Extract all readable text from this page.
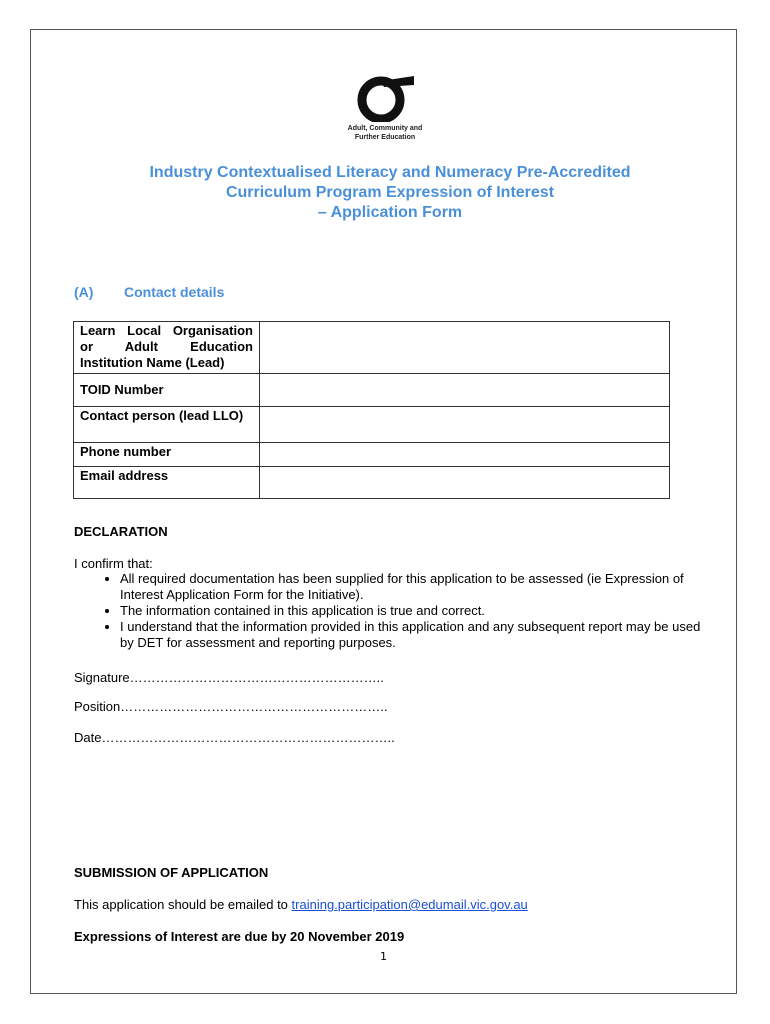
Adult, Community and
Further Education
Industry Contextualised Literacy and Numeracy Pre-Accredited
Curriculum Program Expression of Interest
– Application Form
(A) Contact details
Learn Local Organisation or Adult Education Institution Name (Lead)	
TOID Number	
Contact person (lead LLO)	
Phone number	
Email address	
DECLARATION
I confirm that:
• All required documentation has been supplied for this application to be assessed (ie Expression of Interest Application Form for the Initiative).
• The information contained in this application is true and correct.
• I understand that the information provided in this application and any subsequent report may be used by DET for assessment and reporting purposes.
Signature…………………………………………………..
Position……………………………………………………..
Date…………………………………………………………..
SUBMISSION OF APPLICATION
This application should be emailed to training.participation@edumail.vic.gov.au
Expressions of Interest are due by 20 November 2019
1
